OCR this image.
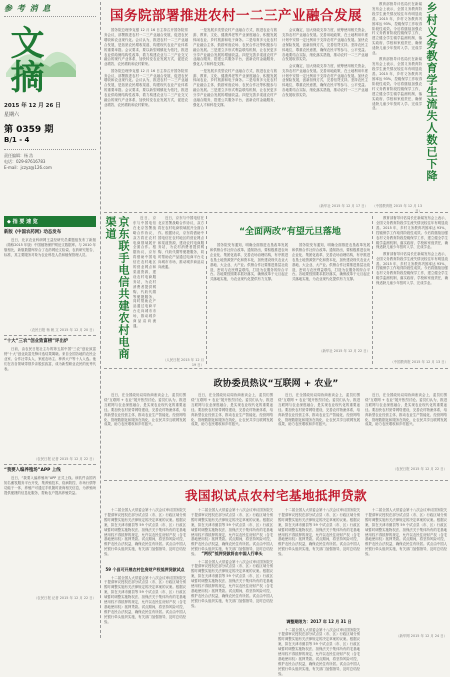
参 考 消 息
文摘
2015 年 12 月 26 日
星期六
第 0359 期
B/1 - 4
责任编辑：杨 浩
电话：029-87616783
E-mail：jczyz@126.com
◆ 指 要 速 览
新版《中国农药网》动态发布

近日，北京农业科研网王益经研究员课题组发布了新版（简称2015 年版）中国植物保护网论文数据库。与 2010 年版相比，新版数据库综合了农药网论文检索、农药研究报告、标准，其主要服务对象为农业科技人员和植保管理人员。

（农民日报 杨 帆 文 2015 年 12 月 20 日）
“十大”三农“创业致富榜”评出炉

日前，由农民日报社主办的第五届中国“三农”创业致富榜“十大”创业致富先锋评选结果揭晓。来自全国各地的农民企业家、合作社带头人、家庭农场主、种养大户等十人入选。他们在各自领域带领乡亲脱贫致富，成为新型职业农民的优秀代表。

（农民日报 记者 2015 年 12 月 22 日）
“我要入编养殖场”APP 上线

近日，“我要入编养殖场”APP 正式上线。该软件由国内知名畜牧服务平台开发，集养殖技术、疫病防控、市场行情等功能于一体，养殖户可通过手机随时查询相关信息，为养殖场提供便捷的信息化服务，帮助农户提高养殖效益。

（农民日报 记者 2015 年 12 月 22 日）
国务院部署推进农村一二三产业融合发展

国务院总理李克强 12 月 16 日主持召开国务院常务会议，部署推进农村一二三产业融合发展，促进农民增收和农业现代化。会议认为，推进农村一二三产业融合发展，是拓宽农民增收渠道、构建现代农业产业体系的重要举措。会议要求，要以新型城镇化为依托，推进农业供给侧结构性改革，着力构建农业与二三产业交叉融合的现代产业体系，加快转变农业发展方式，促进农业增效、农民增收和农村繁荣。

国务院总理李克强 12 月 16 日主持召开国务院常务会议，部署推进农村一二三产业融合发展，促进农民增收和农业现代化。会议认为，推进农村一二三产业融合发展，是拓宽农民增收渠道、构建现代农业产业体系的重要举措。会议要求，要以新型城镇化为依托，推进农业供给侧结构性改革，着力构建农业与二三产业交叉融合的现代产业体系，加快转变农业发展方式，促进农业增效、农民增收和农村繁荣。

一是发展多类型农村产业融合方式，推进农业与旅游、教育、文化、健康养老等产业深度融合，积极发展休闲农业、乡村旅游和电子商务。二是培育多元化农村产业融合主体，鼓励家庭农场、农民合作社等积极参与融合发展。三是建立多形式利益联结机制，让农民更多分享产业融合发展的增值收益。四是完善多渠道农村产业融合服务，搭建公共服务平台，创新农村金融服务，强化人才和科技支撑。

一是发展多类型农村产业融合方式，推进农业与旅游、教育、文化、健康养老等产业深度融合，积极发展休闲农业、乡村旅游和电子商务。二是培育多元化农村产业融合主体，鼓励家庭农场、农民合作社等积极参与融合发展。三是建立多形式利益联结机制，让农民更多分享产业融合发展的增值收益。四是完善多渠道农村产业融合服务，搭建公共服务平台，创新农村金融服务，强化人才和科技支撑。

会议确定，加大财政支持力度，统筹使用相关资金，支持农村产业融合发展。完善用地政策，在土地利用年度计划中安排一定比例用于支持农村产业融合发展。加快农业保险发展，创新担保方式，完善信贷支持。坚持农民主体地位，尊重农民意愿，确保农民平等参与、公平受益。各地要结合实际，细化落实措施，推动农村一二三产业融合发展取得实效。

会议确定，加大财政支持力度，统筹使用相关资金，支持农村产业融合发展。完善用地政策，在土地利用年度计划中安排一定比例用于支持农村产业融合发展。加快农业保险发展，创新担保方式，完善信贷支持。坚持农民主体地位，尊重农民意愿，确保农民平等参与、公平受益。各地要结合实际，细化落实措施，推动农村一二三产业融合发展取得实效。

（新华社 2015 年 12 月 17 日）

教育部督导评估局长在新闻发布会上表示，全国义务教育阶段学生流失情况较往年有明显改善。2015 年，乡村义务教育巩固率达 93%，控辍保学工作取得阶段性成效。今后将继续加强农村义务教育阶段控辍保学工作，建立健全学生辍学监测机制，落实政府、学校和家庭责任，确保适龄儿童少年按时入学、完成学业。

教育部督导评估局长在新闻发布会上表示，全国义务教育阶段学生流失情况较往年有明显改善。2015 年，乡村义务教育巩固率达 93%，控辍保学工作取得阶段性成效。今后将继续加强农村义务教育阶段控辍保学工作，建立健全学生辍学监测机制，落实政府、学校和家庭责任，确保适龄儿童少年按时入学、完成学业。

（中国教育报 2015 年 12 月 13 日）
乡村义务教育学生流失人数已下降

近日，京东与中国电信在北京签署战略合作协议，双方将在农村电商领域展开全面合作。根据协议，京东将借助中国电信在农村地区的营业网点和渠道资源，建设农村电商服务站，为农村消费者提供网购、代收代缴等便捷服务，同时帮助农产品通过电商平台走向城市市场，推动城乡商品双向流通。

京东联手电信共建农村电商渠道	近日，京东与中国电信在北京签署战略合作协议，双方将在农村电商领域展开全面合作。根据协议，京东将借助中国电信在农村地区的营业网点和渠道资源，建设农村电商服务站，为农村消费者提供网购、代收代缴等便捷服务，同时帮助农产品通过电商平台走向城市市场，推动城乡商品双向流通。

（人民日报 2015 年 12 月 19 日）
“全面两改”有望元旦落地

国务院发布通知，明确全面推进农垦改革发展和供销合作社综合改革。通知指出，要积极推进农场企业化、集团化改革，完善农场治理结构，有序推进农垦土地资源资产化和资本化，加快建设现代农业大基地、大企业、大产业。供销合作社要推进基层社改造，密切与农民利益联结，打造为农服务的综合平台。各地要按照要求抓好落实，确保改革于元旦起正式落地实施，为农业现代化提供有力支撑。

国务院发布通知，明确全面推进农垦改革发展和供销合作社综合改革。通知指出，要积极推进农场企业化、集团化改革，完善农场治理结构，有序推进农垦土地资源资产化和资本化，加快建设现代农业大基地、大企业、大产业。供销合作社要推进基层社改造，密切与农民利益联结，打造为农服务的综合平台。各地要按照要求抓好落实，确保改革于元旦起正式落地实施，为农业现代化提供有力支撑。

（新华社 2015 年 12 月 22 日）

教育部督导评估局长在新闻发布会上表示，全国义务教育阶段学生流失情况较往年有明显改善。2015 年，乡村义务教育巩固率达 93%，控辍保学工作取得阶段性成效。今后将继续加强农村义务教育阶段控辍保学工作，建立健全学生辍学监测机制，落实政府、学校和家庭责任，确保适龄儿童少年按时入学、完成学业。

教育部督导评估局长在新闻发布会上表示，全国义务教育阶段学生流失情况较往年有明显改善。2015 年，乡村义务教育巩固率达 93%，控辍保学工作取得阶段性成效。今后将继续加强农村义务教育阶段控辍保学工作，建立健全学生辍学监测机制，落实政府、学校和家庭责任，确保适龄儿童少年按时入学、完成学业。

（中国教育报 2015 年 12 月 13 日）
政协委员热议“互联网 + 农业”

近日，在全国政协双周协商座谈会上，委员们围绕“互联网 + 农业”展开热烈讨论。委员们认为，推进互联网与农业深度融合，是实现农业现代化的重要途径。要加快农村宽带网络建设，完善农村物流体系，培育新型农业经营主体，推动农业生产智能化、经营网络化、管理数据化和服务在线化，让农民共享互联网发展成果，助力农民增收和乡村振兴。

近日，在全国政协双周协商座谈会上，委员们围绕“互联网 + 农业”展开热烈讨论。委员们认为，推进互联网与农业深度融合，是实现农业现代化的重要途径。要加快农村宽带网络建设，完善农村物流体系，培育新型农业经营主体，推动农业生产智能化、经营网络化、管理数据化和服务在线化，让农民共享互联网发展成果，助力农民增收和乡村振兴。

近日，在全国政协双周协商座谈会上，委员们围绕“互联网 + 农业”展开热烈讨论。委员们认为，推进互联网与农业深度融合，是实现农业现代化的重要途径。要加快农村宽带网络建设，完善农村物流体系，培育新型农业经营主体，推动农业生产智能化、经营网络化、管理数据化和服务在线化，让农民共享互联网发展成果，助力农民增收和乡村振兴。

近日，在全国政协双周协商座谈会上，委员们围绕“互联网 + 农业”展开热烈讨论。委员们认为，推进互联网与农业深度融合，是实现农业现代化的重要途径。要加快农村宽带网络建设，完善农村物流体系，培育新型农业经营主体，推动农业生产智能化、经营网络化、管理数据化和服务在线化，让农民共享互联网发展成果，助力农民增收和乡村振兴。

（农民日报 2015 年 12 月 22 日）
我国拟试点农村宅基地抵押贷款

十二届全国人大常委会第十八次会议审议国务院关于提请审议授权在部分试点县（市、区）行政区域分别暂时调整实施有关法律规定的决定草案的议案。根据议案，拟在天津市蓟县等 59 个试点县（市、区）行政区域暂时调整实施物权法、担保法关于集体所有的宅基地使用权不得抵押的规定，允许以农民住房财产权（含宅基地使用权）抵押贷款。试点期间，将坚持风险可控，维护农民合法权益，确保农民住有所居。试点由中国人民银行牵头组织实施，有关部门加强指导，及时总结经验。

59 个县可开展农村住房财产权抵押贷款试点

十二届全国人大常委会第十八次会议审议国务院关于提请审议授权在部分试点县（市、区）行政区域分别暂时调整实施有关法律规定的决定草案的议案。根据议案，拟在天津市蓟县等 59 个试点县（市、区）行政区域暂时调整实施物权法、担保法关于集体所有的宅基地使用权不得抵押的规定，允许以农民住房财产权（含宅基地使用权）抵押贷款。试点期间，将坚持风险可控，维护农民合法权益，确保农民住有所居。试点由中国人民银行牵头组织实施，有关部门加强指导，及时总结经验。

十二届全国人大常委会第十八次会议审议国务院关于提请审议授权在部分试点县（市、区）行政区域分别暂时调整实施有关法律规定的决定草案的议案。根据议案，拟在天津市蓟县等 59 个试点县（市、区）行政区域暂时调整实施物权法、担保法关于集体所有的宅基地使用权不得抵押的规定，允许以农民住房财产权（含宅基地使用权）抵押贷款。试点期间，将坚持风险可控，维护农民合法权益，确保农民住有所居。试点由中国人民银行牵头组织实施，有关部门加强指导，及时总结经验。 “两权”抵押贷款将由中国人行牵头

十二届全国人大常委会第十八次会议审议国务院关于提请审议授权在部分试点县（市、区）行政区域分别暂时调整实施有关法律规定的决定草案的议案。根据议案，拟在天津市蓟县等 59 个试点县（市、区）行政区域暂时调整实施物权法、担保法关于集体所有的宅基地使用权不得抵押的规定，允许以农民住房财产权（含宅基地使用权）抵押贷款。试点期间，将坚持风险可控，维护农民合法权益，确保农民住有所居。试点由中国人民银行牵头组织实施，有关部门加强指导，及时总结经验。

十二届全国人大常委会第十八次会议审议国务院关于提请审议授权在部分试点县（市、区）行政区域分别暂时调整实施有关法律规定的决定草案的议案。根据议案，拟在天津市蓟县等 59 个试点县（市、区）行政区域暂时调整实施物权法、担保法关于集体所有的宅基地使用权不得抵押的规定，允许以农民住房财产权（含宅基地使用权）抵押贷款。试点期间，将坚持风险可控，维护农民合法权益，确保农民住有所居。试点由中国人民银行牵头组织实施，有关部门加强指导，及时总结经验。

调整期限为：2017 年 12 月 31 日

十二届全国人大常委会第十八次会议审议国务院关于提请审议授权在部分试点县（市、区）行政区域分别暂时调整实施有关法律规定的决定草案的议案。根据议案，拟在天津市蓟县等 59 个试点县（市、区）行政区域暂时调整实施物权法、担保法关于集体所有的宅基地使用权不得抵押的规定，允许以农民住房财产权（含宅基地使用权）抵押贷款。试点期间，将坚持风险可控，维护农民合法权益，确保农民住有所居。试点由中国人民银行牵头组织实施，有关部门加强指导，及时总结经验。

十二届全国人大常委会第十八次会议审议国务院关于提请审议授权在部分试点县（市、区）行政区域分别暂时调整实施有关法律规定的决定草案的议案。根据议案，拟在天津市蓟县等 59 个试点县（市、区）行政区域暂时调整实施物权法、担保法关于集体所有的宅基地使用权不得抵押的规定，允许以农民住房财产权（含宅基地使用权）抵押贷款。试点期间，将坚持风险可控，维护农民合法权益，确保农民住有所居。试点由中国人民银行牵头组织实施，有关部门加强指导，及时总结经验。

（新华网 2015 年 12 月 24 日）
